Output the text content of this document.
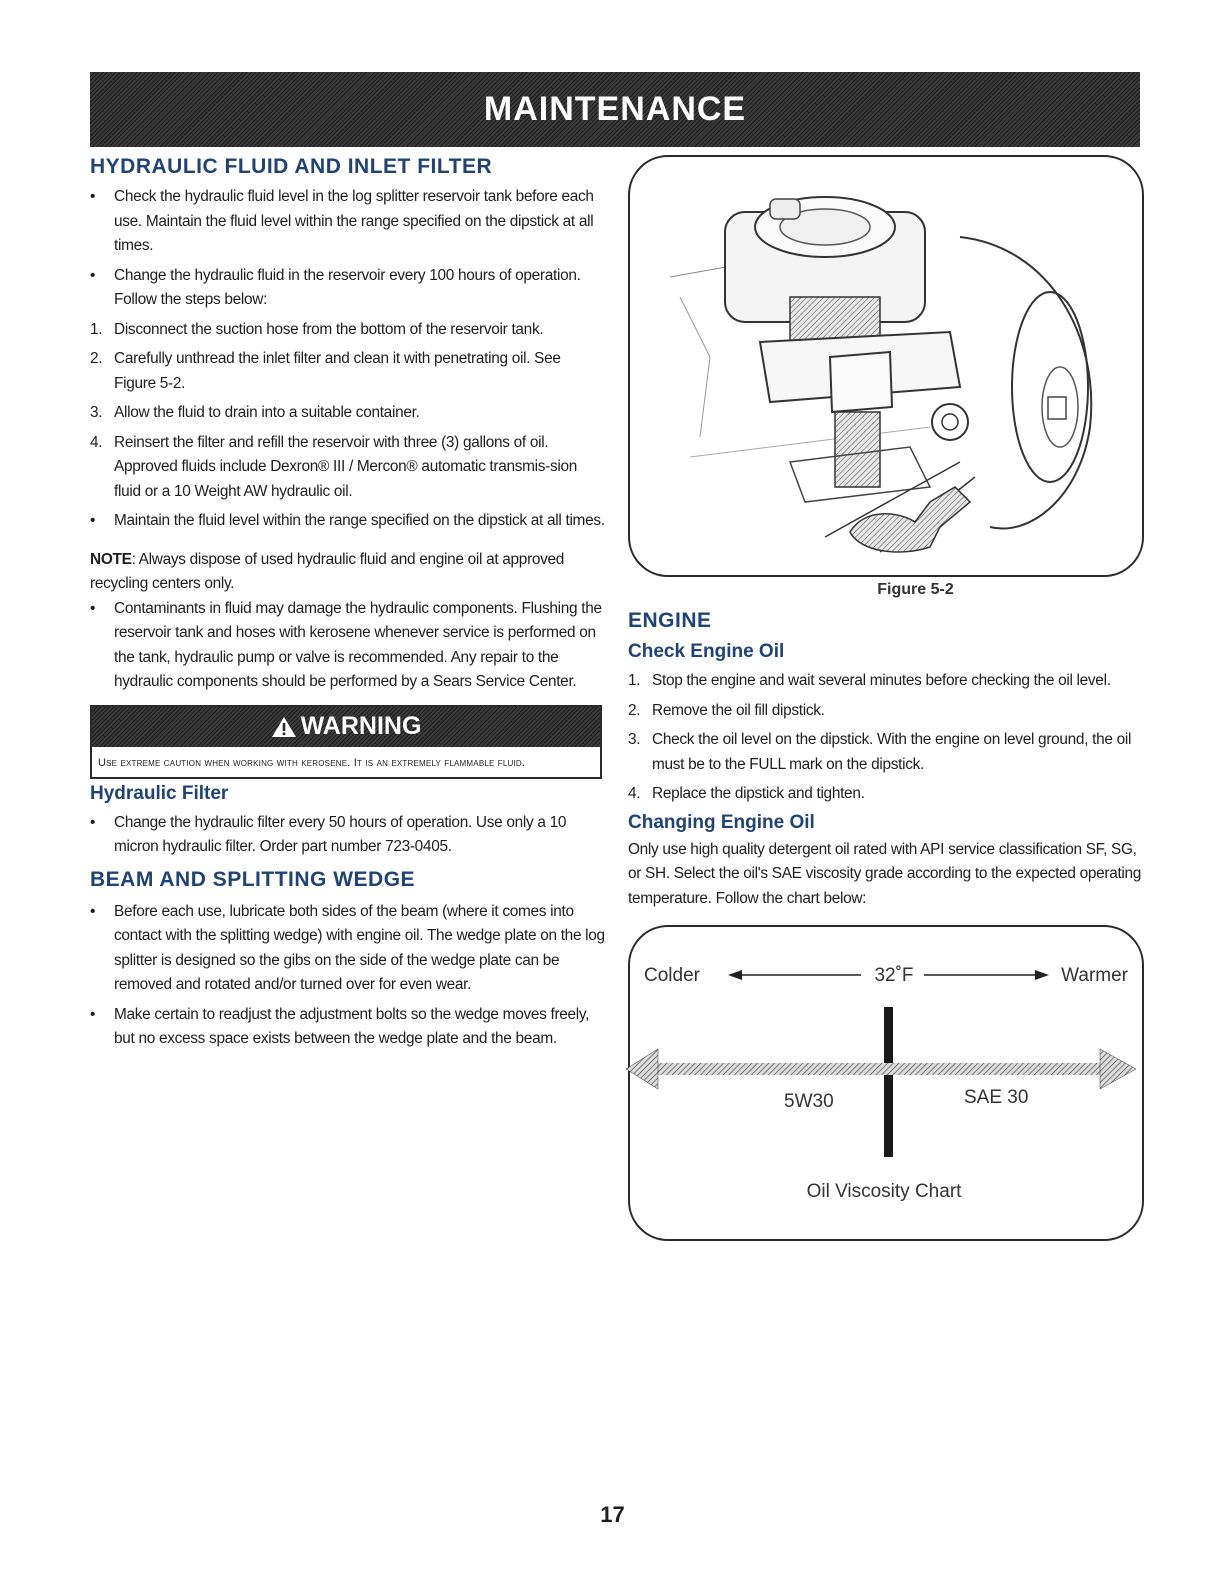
MAINTENANCE
HYDRAULIC FLUID AND INLET FILTER
•	Check the hydraulic fluid level in the log splitter reservoir tank before each use. Maintain the fluid level within the range specified on the dipstick at all times.
•	Change the hydraulic fluid in the reservoir every 100 hours of operation. Follow the steps below:
1. Disconnect the suction hose from the bottom of the reservoir tank.
2. Carefully unthread the inlet filter and clean it with penetrating oil. See Figure 5-2.
3. Allow the fluid to drain into a suitable container.
4. Reinsert the filter and refill the reservoir with three (3) gallons of oil. Approved fluids include Dexron® III / Mercon® automatic transmis-sion fluid or a 10 Weight AW hydraulic oil.
•	Maintain the fluid level within the range specified on the dipstick at all times.

NOTE: Always dispose of used hydraulic fluid and engine oil at approved recycling centers only.

•	Contaminants in fluid may damage the hydraulic components. Flushing the reservoir tank and hoses with kerosene whenever service is performed on the tank, hydraulic pump or valve is recommended. Any repair to the hydraulic components should be performed by a Sears Service Center.
WARNING
Use extreme caution when working with kerosene. It is an extremely flammable fluid.
Hydraulic Filter
•	Change the hydraulic filter every 50 hours of operation. Use only a 10 micron hydraulic filter. Order part number 723-0405.
BEAM AND SPLITTING WEDGE
•	Before each use, lubricate both sides of the beam (where it comes into contact with the splitting wedge) with engine oil. The wedge plate on the log splitter is designed so the gibs on the side of the wedge plate can be removed and rotated and/or turned over for even wear.
•	Make certain to readjust the adjustment bolts so the wedge moves freely, but no excess space exists between the wedge plate and the beam.
Figure 5-2
ENGINE
Check Engine Oil
1. Stop the engine and wait several minutes before checking the oil level.
2. Remove the oil fill dipstick.
3. Check the oil level on the dipstick. With the engine on level ground, the oil must be to the FULL mark on the dipstick.
4. Replace the dipstick and tighten.
Changing Engine Oil
Only use high quality detergent oil rated with API service classification SF, SG, or SH. Select the oil's SAE viscosity grade according to the expected operating temperature. Follow the chart below:
Colder	32˚F	Warmer
5W30	SAE 30
Oil Viscosity Chart
17
